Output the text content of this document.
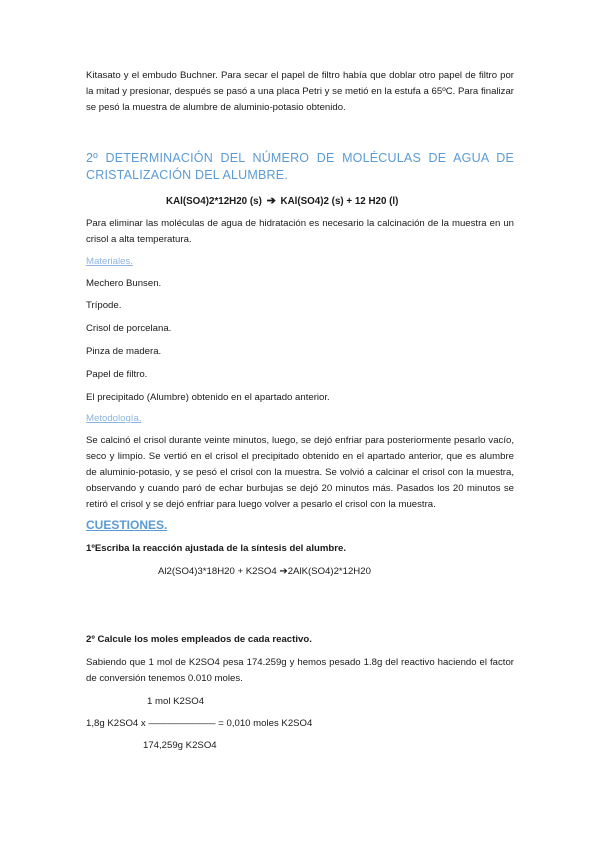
Kitasato y el embudo Buchner. Para secar el papel de filtro había que doblar otro papel de filtro por la mitad y presionar, después se pasó a una placa Petri y se metió en la estufa a 65ºC. Para finalizar se pesó la muestra de alumbre de aluminio-potasio obtenido.

2º DETERMINACIÓN DEL NÚMERO DE MOLÉCULAS DE AGUA DE CRISTALIZACIÓN DEL ALUMBRE.
KAl(SO4)2*12H20 (s) ➔ KAl(SO4)2 (s) + 12 H20 (l)

Para eliminar las moléculas de agua de hidratación es necesario la calcinación de la muestra en un crisol a alta temperatura.

Materiales.
Mechero Bunsen.
Trípode.
Crisol de porcelana.
Pinza de madera.
Papel de filtro.
El precipitado (Alumbre) obtenido en el apartado anterior.
Metodología.

Se calcinó el crisol durante veinte minutos, luego, se dejó enfriar para posteriormente pesarlo vacío, seco y limpio. Se vertió en el crisol el precipitado obtenido en el apartado anterior, que es alumbre de aluminio-potasio, y se pesó el crisol con la muestra. Se volvió a calcinar el crisol con la muestra, observando y cuando paró de echar burbujas se dejó 20 minutos más. Pasados los 20 minutos se retiró el crisol y se dejó enfriar para luego volver a pesarlo el crisol con la muestra.

CUESTIONES.
1ºEscriba la reacción ajustada de la síntesis del alumbre.
Al2(SO4)3*18H20 + K2SO4 ➔2AlK(SO4)2*12H20
2º Calcule los moles empleados de cada reactivo.

Sabiendo que 1 mol de K2SO4 pesa 174.259g y hemos pesado 1.8g del reactivo haciendo el factor de conversión tenemos 0.010 moles.

1 mol K2SO4
1,8g K2SO4 x ——————— = 0,010 moles K2SO4
174,259g K2SO4
